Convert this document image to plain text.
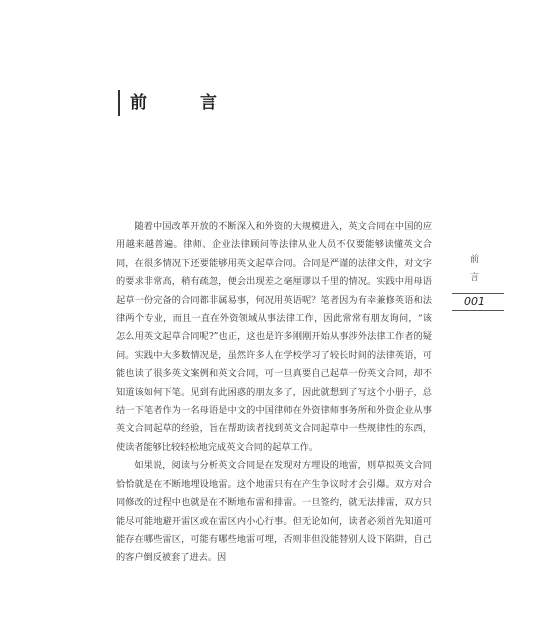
前　言

随着中国改革开放的不断深入和外资的大规模进入，英文合同在中国的应用越来越普遍。律师、企业法律顾问等法律从业人员不仅要能够读懂英文合同，在很多情况下还要能够用英文起草合同。合同是严谨的法律文件，对文字的要求非常高，稍有疏忽，便会出现差之毫厘谬以千里的情况。实践中用母语起草一份完备的合同都非属易事，何况用英语呢？笔者因为有幸兼修英语和法律两个专业，而且一直在外资领域从事法律工作，因此常常有朋友询问，“该怎么用英文起草合同呢?”也正，这也是许多刚刚开始从事涉外法律工作者的疑问。实践中大多数情况是，虽然许多人在学校学习了较长时间的法律英语，可能也读了很多英文案例和英文合同，可一旦真要自己起草一份英文合同，却不知道该如何下笔。见到有此困惑的朋友多了，因此就想到了写这个小册子，总结一下笔者作为一名母语是中文的中国律师在外资律师事务所和外资企业从事英文合同起草的经验，旨在帮助读者找到英文合同起草中一些规律性的东西，使读者能够比较轻松地完成英文合同的起草工作。

如果说，阅读与分析英文合同是在发现对方埋设的地雷，则草拟英文合同恰恰就是在不断地埋设地雷。这个地雷只有在产生争议时才会引爆。双方对合同修改的过程中也就是在不断地布雷和排雷。一旦签约，就无法排雷，双方只能尽可能地避开雷区或在雷区内小心行事。但无论如何，读者必须首先知道可能存在哪些雷区，可能有哪些地雷可埋，否则非但没能替别人设下陷阱，自己的客户倒反被套了进去。因

前
言
001
